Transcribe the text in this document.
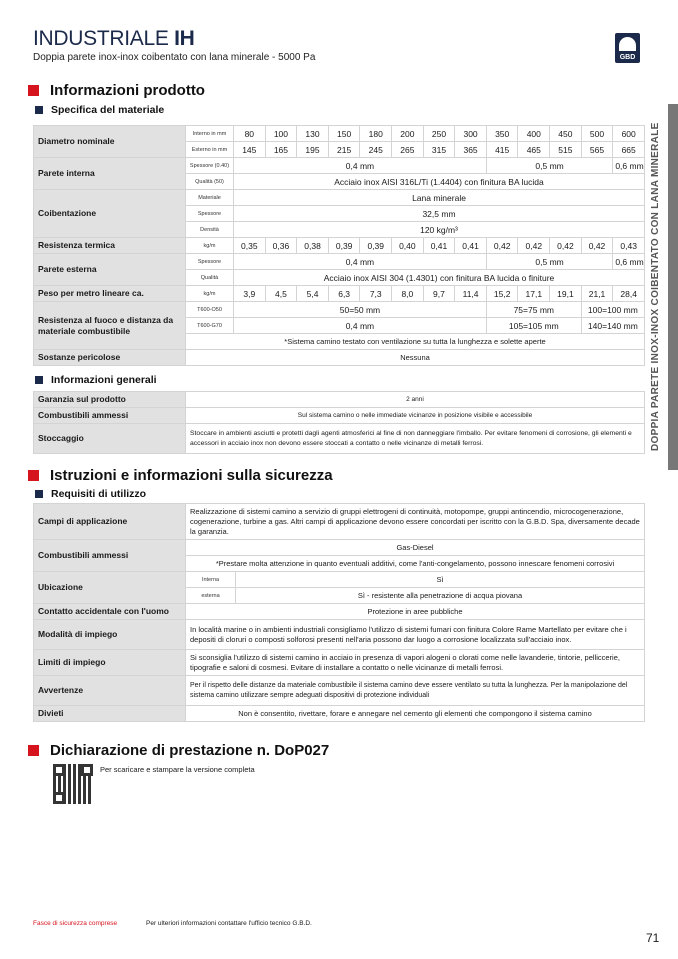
INDUSTRIALE IH
Doppia parete inox-inox coibentato con lana minerale - 5000 Pa	GBD
DOPPIA PARETE INOX-INOX COIBENTATO CON LANA MINERALE
Informazioni prodotto
Specifica del materiale
Diametro nominale	Interno in mm	80	100	130	150	180	200	250	300	350	400	450	500	600
	Esterno in mm	145	165	195	215	245	265	315	365	415	465	515	565	665
Parete interna	Spessore (0.40)	0,4 mm								0,5 mm				0,6 mm
	Qualità (50)	Acciaio inox AISI 316L/Ti (1.4404) con finitura BA lucida												
Coibentazione	Materiale	Lana minerale												
	Spessore	32,5 mm												
	Densità	120 kg/m³												
Resistenza termica	kg/m	0,35	0,36	0,38	0,39	0,39	0,40	0,41	0,41	0,42	0,42	0,42	0,42	0,43
Parete esterna	Spessore	0,4 mm								0,5 mm				0,6 mm
	Qualità	Acciaio inox AISI 304 (1.4301) con finitura BA lucida o finiture												
Peso per metro lineare ca.	kg/m	3,9	4,5	5,4	6,3	7,3	8,0	9,7	11,4	15,2	17,1	19,1	21,1	28,4
Resistenza al fuoco e distanza da materiale combustibile	T600-O50	50=50 mm								75=75 mm			100=100 mm	
	T600-G70	0,4 mm								105=105 mm			140=140 mm	
	*Sistema camino testato con ventilazione su tutta la lunghezza e solette aperte													
Sostanze pericolose	Nessuna													
Informazioni generali
Garanzia sul prodotto	2 anni
Combustibili ammessi	Sul sistema camino o nelle immediate vicinanze in posizione visibile e accessibile
Stoccaggio	Stoccare in ambienti asciutti e protetti dagli agenti atmosferici al fine di non danneggiare l'imballo. Per evitare fenomeni di corrosione, gli elementi e accessori in acciaio inox non devono essere stoccati a contatto o nelle vicinanze di metalli ferrosi.
Istruzioni e informazioni sulla sicurezza
Requisiti di utilizzo
Campi di applicazione	Realizzazione di sistemi camino a servizio di gruppi elettrogeni di continuità, motopompe, gruppi antincendio, microcogenerazione, cogenerazione, turbine a gas. Altri campi di applicazione devono essere concordati per iscritto con la G.B.D. Spa, diversamente decade la garanzia.	
Combustibili ammessi	Gas-Diesel	
	*Prestare molta attenzione in quanto eventuali additivi, come l'anti-congelamento, possono innescare fenomeni corrosivi	
Ubicazione	Interna	Sì
	esterna	Sì - resistente alla penetrazione di acqua piovana
Contatto accidentale con l'uomo	Protezione in aree pubbliche	
Modalità di impiego	In località marine o in ambienti industriali consigliamo l'utilizzo di sistemi fumari con finitura Colore Rame Martellato per evitare che i depositi di cloruri o composti solforosi presenti nell'aria possono dar luogo a corrosione localizzata sull'acciaio inox.	
Limiti di impiego	Si sconsiglia l'utilizzo di sistemi camino in acciaio in presenza di vapori alogeni o clorati come nelle lavanderie, tintorie, pelliccerie, tipografie e saloni di cosmesi. Evitare di installare a contatto o nelle vicinanze di metalli ferrosi.	
Avvertenze	Per il rispetto delle distanze da materiale combustibile il sistema camino deve essere ventilato su tutta la lunghezza. Per la manipolazione del sistema camino utilizzare sempre adeguati dispositivi di protezione individuali	
Divieti	Non è consentito, rivettare, forare e annegare nel cemento gli elementi che compongono il sistema camino	
Dichiarazione di prestazione n. DoP027
Per scaricare e stampare la versione completa
Fasce di sicurezza comprese	Per ulteriori informazioni contattare l'ufficio tecnico G.B.D.
71
